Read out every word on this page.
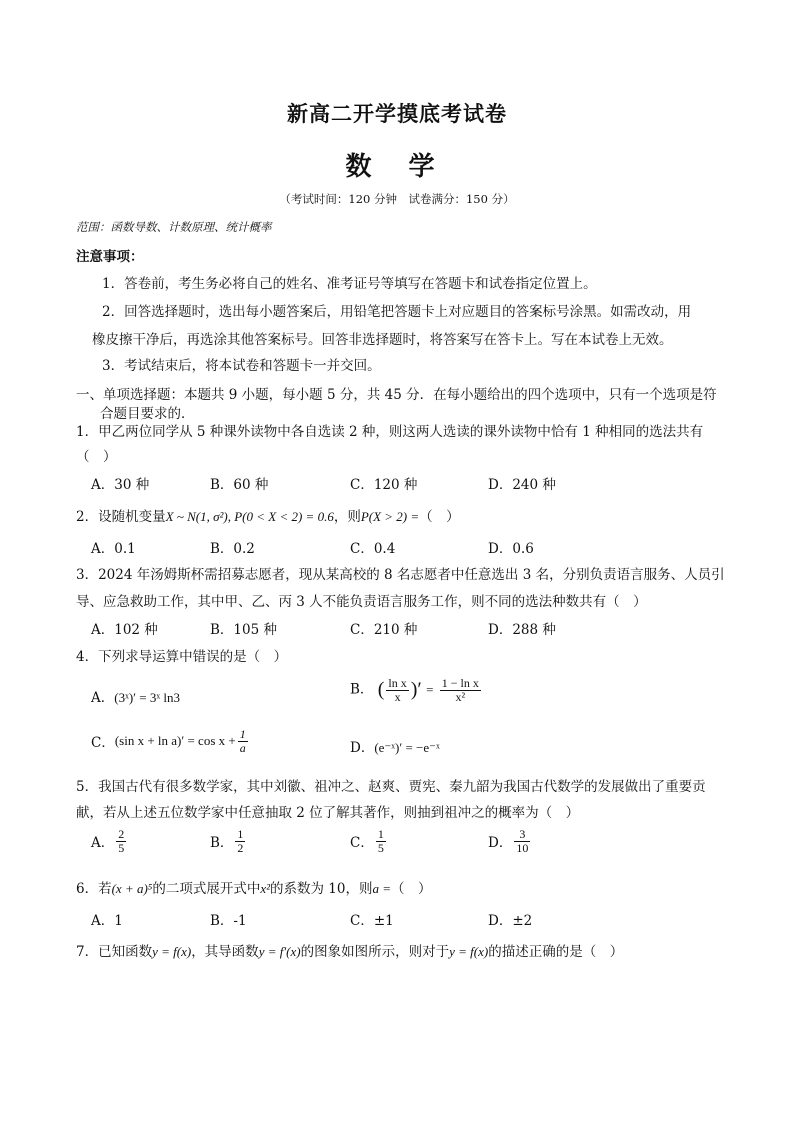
新高二开学摸底考试卷
数 学
（考试时间：120 分钟　试卷满分：150 分）
范围：函数导数、计数原理、统计概率
注意事项：
1．答卷前，考生务必将自己的姓名、准考证号等填写在答题卡和试卷指定位置上。
2．回答选择题时，选出每小题答案后，用铅笔把答题卡上对应题目的答案标号涂黑。如需改动，用
橡皮擦干净后，再选涂其他答案标号。回答非选择题时，将答案写在答卡上。写在本试卷上无效。
3．考试结束后，将本试卷和答题卡一并交回。
一、单项选择题：本题共 9 小题，每小题 5 分，共 45 分．在每小题给出的四个选项中，只有一个选项是符
合题目要求的．
1．甲乙两位同学从 5 种课外读物中各自选读 2 种，则这两人选读的课外读物中恰有 1 种相同的选法共有
（　）
A．30 种	B．60 种	C．120 种	D．240 种
2．设随机变量X ~ N(1, σ²), P(0 < X < 2) = 0.6，则P(X > 2) =（　）
A．0.1	B．0.2	C．0.4	D．0.6
3．2024 年汤姆斯杯需招募志愿者，现从某高校的 8 名志愿者中任意选出 3 名，分别负责语言服务、人员引
导、应急救助工作，其中甲、乙、丙 3 人不能负责语言服务工作，则不同的选法种数共有（　）
A．102 种	B．105 种	C．210 种	D．288 种
4．下列求导运算中错误的是（　）
A．(3ˣ)′ = 3ˣ ln3	B． ( $\frac{\text{ln x}}{x}$ )′ = $\frac{\text{1 − ln x}}{\text{x²}}$
C．(sin $x + \ln a)' = \cos x + \frac{1}{a}$	D．(e⁻ˣ)′ = −e⁻ˣ
5．我国古代有很多数学家，其中刘徽、祖冲之、赵爽、贾宪、秦九韶为我国古代数学的发展做出了重要贡
献，若从上述五位数学家中任意抽取 2 位了解其著作，则抽到祖冲之的概率为（　）
A． $\frac{2}{5}$	B． $\frac{1}{2}$	C． $\frac{1}{5}$	D． $\frac{3}{10}$
6．若(x + a)⁵的二项式展开式中x²的系数为 10，则a =（　）
A．1	B．-1	C．±1	D．±2
7．已知函数y = f(x)，其导函数y = f′(x)的图象如图所示，则对于y = f(x)的描述正确的是（　）
